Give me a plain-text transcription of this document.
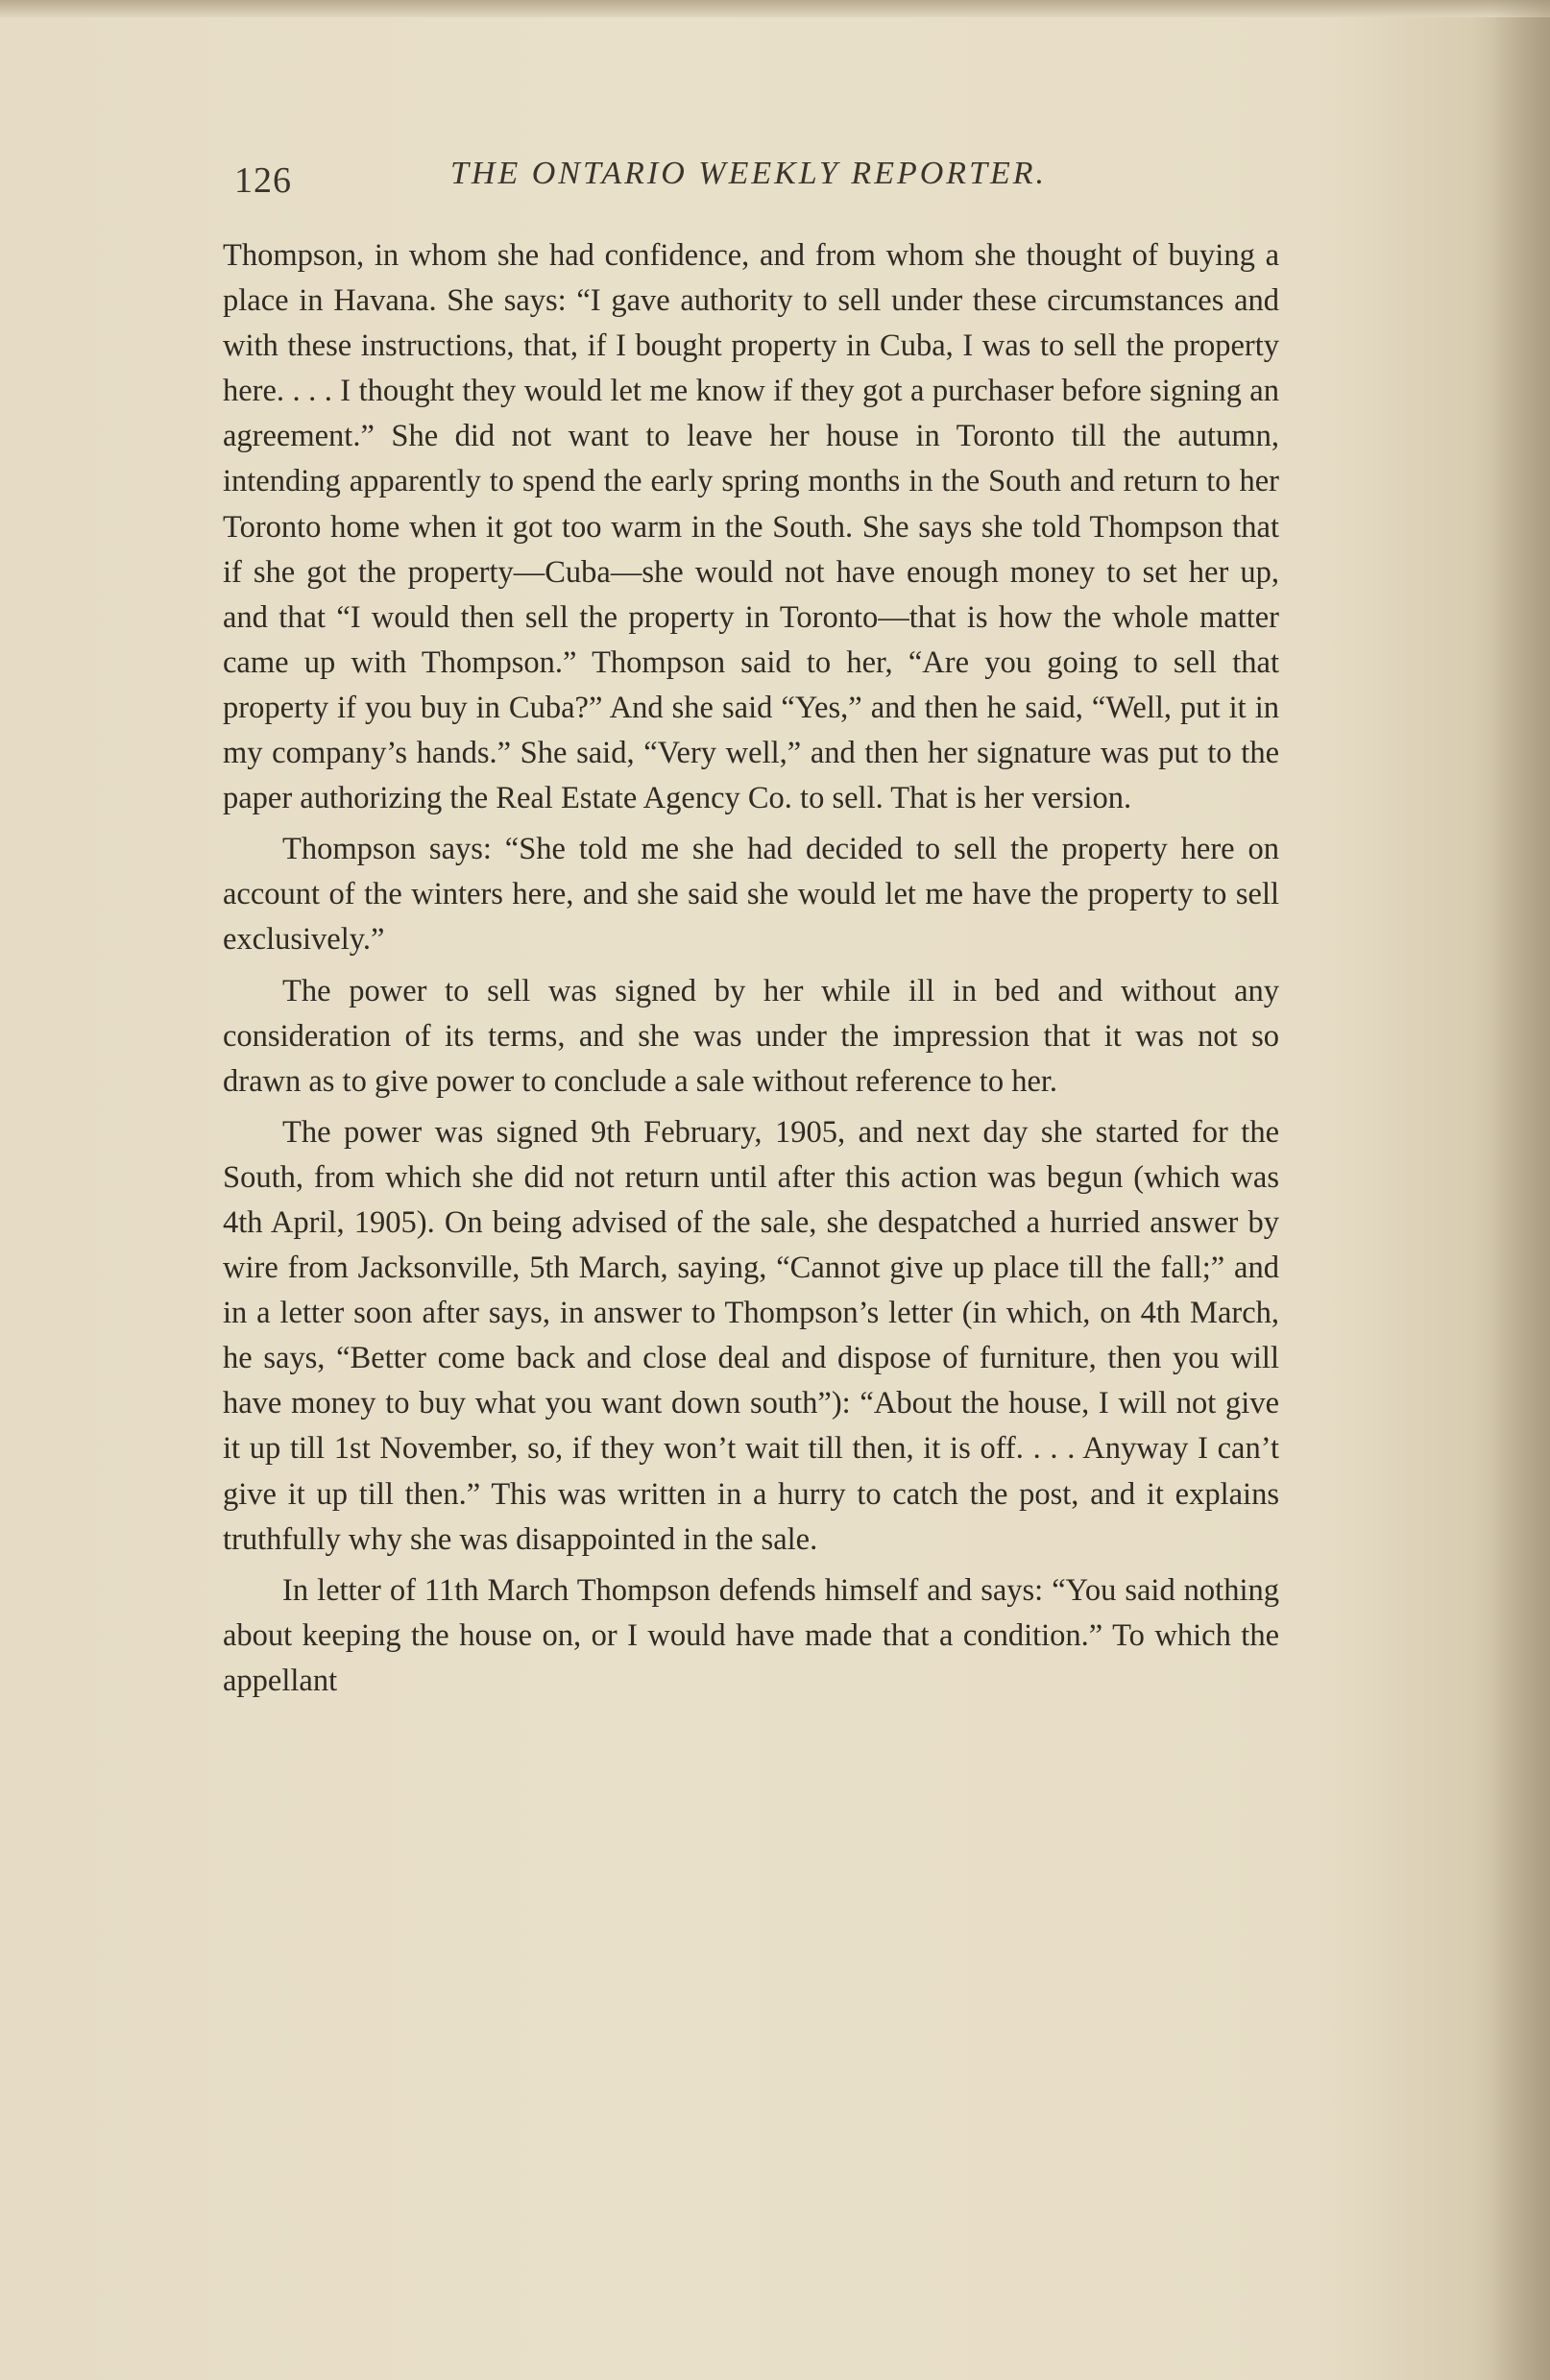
126	THE ONTARIO WEEKLY REPORTER.

Thompson, in whom she had confidence, and from whom she thought of buying a place in Havana. She says: “I gave authority to sell under these circumstances and with these instructions, that, if I bought property in Cuba, I was to sell the property here. . . . I thought they would let me know if they got a purchaser before signing an agreement.” She did not want to leave her house in Toronto till the autumn, intending apparently to spend the early spring months in the South and return to her Toronto home when it got too warm in the South. She says she told Thompson that if she got the property—Cuba—she would not have enough money to set her up, and that “I would then sell the property in Toronto—that is how the whole matter came up with Thompson.” Thompson said to her, “Are you going to sell that property if you buy in Cuba?” And she said “Yes,” and then he said, “Well, put it in my company’s hands.” She said, “Very well,” and then her signature was put to the paper authorizing the Real Estate Agency Co. to sell. That is her version.

Thompson says: “She told me she had decided to sell the property here on account of the winters here, and she said she would let me have the property to sell exclusively.”

The power to sell was signed by her while ill in bed and without any consideration of its terms, and she was under the impression that it was not so drawn as to give power to conclude a sale without reference to her.

The power was signed 9th February, 1905, and next day she started for the South, from which she did not return until after this action was begun (which was 4th April, 1905). On being advised of the sale, she despatched a hurried answer by wire from Jacksonville, 5th March, saying, “Cannot give up place till the fall;” and in a letter soon after says, in answer to Thompson’s letter (in which, on 4th March, he says, “Better come back and close deal and dispose of furniture, then you will have money to buy what you want down south”): “About the house, I will not give it up till 1st November, so, if they won’t wait till then, it is off. . . . Anyway I can’t give it up till then.” This was written in a hurry to catch the post, and it explains truthfully why she was disappointed in the sale.

In letter of 11th March Thompson defends himself and says: “You said nothing about keeping the house on, or I would have made that a condition.” To which the appellant
